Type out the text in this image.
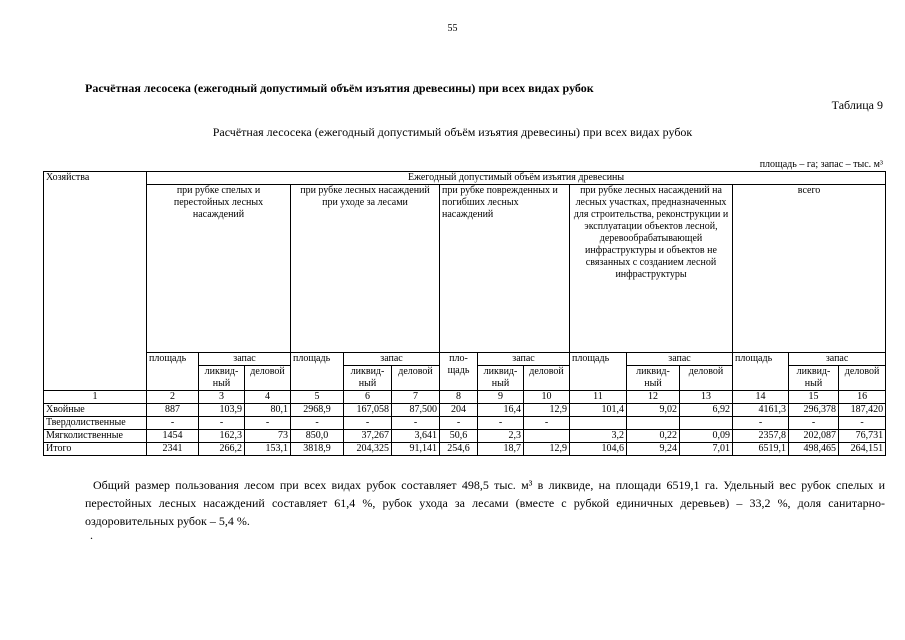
55
Расчётная лесосека (ежегодный допустимый объём изъятия древесины) при всех видах рубок
Таблица 9
Расчётная лесосека (ежегодный допустимый объём изъятия древесины) при всех видах рубок
площадь – га; запас – тыс. м³
Хозяйства	Ежегодный допустимый объём изъятия древесины														
	при рубке спелых и перестойных лесных насаждений			при рубке лесных насаждений при уходе за лесами			при рубке поврежденных и погибших лесных насаждений			при рубке лесных насаждений на лесных участках, предназначенных для строительства, реконструкции и эксплуатации объектов лесной, деревообрабатывающей инфраструктуры и объектов не связанных с созданием лесной инфраструктуры			всего		
	площадь	запас		площадь	запас		пло-щадь	запас		площадь	запас		площадь	запас	
		ликвид-ный	деловой		ликвид-ный	деловой		ликвид-ный	деловой		ликвид-ный	деловой		ликвид-ный	деловой
1	2	3	4	5	6	7	8	9	10	11	12	13	14	15	16
Хвойные	887	103,9	80,1	2968,9	167,058	87,500	204	16,4	12,9	101,4	9,02	6,92	4161,3	296,378	187,420
Твердолиственные	-	-	-	-	-	-	-	-	-				-	-	-
Мягколиственные	1454	162,3	73	850,0	37,267	3,641	50,6	2,3		3,2	0,22	0,09	2357,8	202,087	76,731
Итого	2341	266,2	153,1	3818,9	204,325	91,141	254,6	18,7	12,9	104,6	9,24	7,01	6519,1	498,465	264,151

Общий размер пользования лесом при всех видах рубок составляет 498,5 тыс. м³ в ликвиде, на площади 6519,1 га. Удельный вес рубок спелых и перестойных лесных насаждений составляет 61,4 %, рубок ухода за лесами (вместе с рубкой единичных деревьев) – 33,2 %, доля санитарно-оздоровительных рубок – 5,4 %.

.
